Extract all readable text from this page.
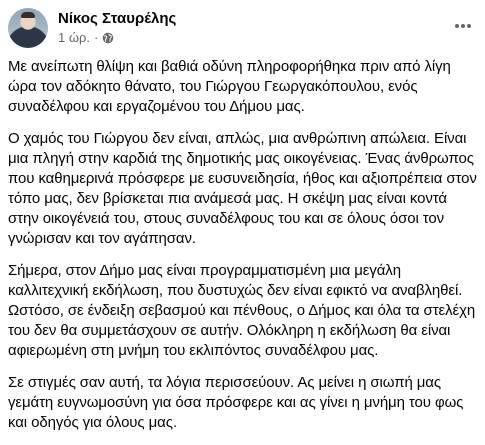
Νίκος Σταυρέλης
1 ώρ. ·

Με ανείπωτη θλίψη και βαθιά οδύνη πληροφορήθηκα πριν από λίγη ώρα τον αδόκητο θάνατο, του Γιώργου Γεωργακόπουλου, ενός συναδέλφου και εργαζομένου του Δήμου μας.

Ο χαμός του Γιώργου δεν είναι, απλώς, μια ανθρώπινη απώλεια. Είναι μια πληγή στην καρδιά της δημοτικής μας οικογένειας. Ένας άνθρωπος που καθημερινά πρόσφερε με ευσυνειδησία, ήθος και αξιοπρέπεια στον τόπο μας, δεν βρίσκεται πια ανάμεσά μας. Η σκέψη μας είναι κοντά στην οικογένειά του, στους συναδέλφους του και σε όλους όσοι τον γνώρισαν και τον αγάπησαν.

Σήμερα, στον Δήμο μας είναι προγραμματισμένη μια μεγάλη καλλιτεχνική εκδήλωση, που δυστυχώς δεν είναι εφικτό να αναβληθεί. Ωστόσο, σε ένδειξη σεβασμού και πένθους, ο Δήμος και όλα τα στελέχη του δεν θα συμμετάσχουν σε αυτήν. Ολόκληρη η εκδήλωση θα είναι αφιερωμένη στη μνήμη του εκλιπόντος συναδέλφου μας.

Σε στιγμές σαν αυτή, τα λόγια περισσεύουν. Ας μείνει η σιωπή μας γεμάτη ευγνωμοσύνη για όσα πρόσφερε και ας γίνει η μνήμη του φως και οδηγός για όλους μας.
